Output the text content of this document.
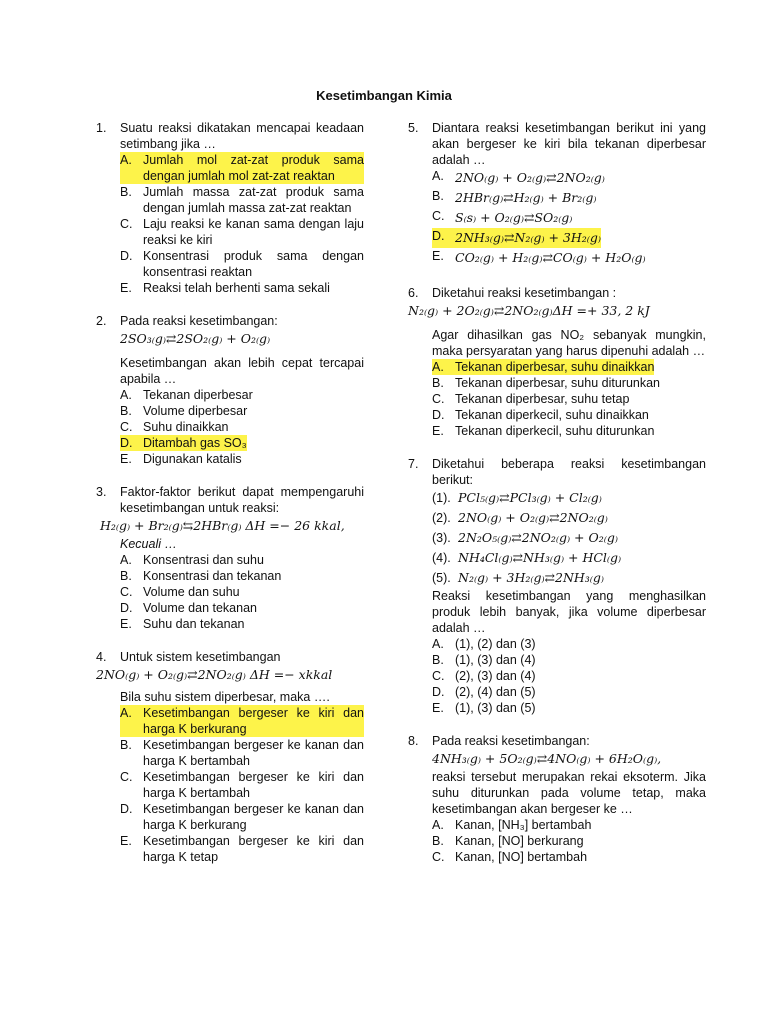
Kesetimbangan Kimia
1.	Suatu reaksi dikatakan mencapai keadaan setimbang jika …
A. Jumlah mol zat-zat produk sama dengan jumlah mol zat-zat reaktan
B. Jumlah massa zat-zat produk sama dengan jumlah massa zat-zat reaktan
C. Laju reaksi ke kanan sama dengan laju reaksi ke kiri
D. Konsentrasi produk sama dengan konsentrasi reaktan
E. Reaksi telah berhenti sama sekali
2.	Pada reaksi kesetimbangan:
2SO₃₍g₎⇄2SO₂₍g₎ + O₂₍g₎
Kesetimbangan akan lebih cepat tercapai apabila …
A. Tekanan diperbesar
B. Volume diperbesar
C. Suhu dinaikkan
D. Ditambah gas SO₃
E. Digunakan katalis
3.	Faktor-faktor berikut dapat mempengaruhi kesetimbangan untuk reaksi:
H₂₍g₎ + Br₂₍g₎⇆2HBr₍g₎ ΔH =− 26 kkal,
Kecuali …
A. Konsentrasi dan suhu
B. Konsentrasi dan tekanan
C. Volume dan suhu
D. Volume dan tekanan
E. Suhu dan tekanan
4.	Untuk sistem kesetimbangan
2NO₍g₎ + O₂₍g₎⇄2NO₂₍g₎ ΔH =− xkkal
Bila suhu sistem diperbesar, maka ….
A. Kesetimbangan bergeser ke kiri dan harga K berkurang
B. Kesetimbangan bergeser ke kanan dan harga K bertambah
C. Kesetimbangan bergeser ke kiri dan harga K bertambah
D. Kesetimbangan bergeser ke kanan dan harga K berkurang
E. Kesetimbangan bergeser ke kiri dan harga K tetap
5.	Diantara reaksi kesetimbangan berikut ini yang akan bergeser ke kiri bila tekanan diperbesar adalah …
A. 2NO₍g₎ + O₂₍g₎⇄2NO₂₍g₎
B. 2HBr₍g₎⇄H₂₍g₎ + Br₂₍g₎
C. S₍s₎ + O₂₍g₎⇄SO₂₍g₎
D. 2NH₃₍g₎⇄N₂₍g₎ + 3H₂₍g₎
E. CO₂₍g₎ + H₂₍g₎⇄CO₍g₎ + H₂O₍g₎
6.	Diketahui reaksi kesetimbangan :
N₂₍g₎ + 2O₂₍g₎⇄2NO₂₍g₎ΔH =+ 33, 2 kJ
Agar dihasilkan gas NO₂ sebanyak mungkin, maka persyaratan yang harus dipenuhi adalah …
A. Tekanan diperbesar, suhu dinaikkan
B. Tekanan diperbesar, suhu diturunkan
C. Tekanan diperbesar, suhu tetap
D. Tekanan diperkecil, suhu dinaikkan
E. Tekanan diperkecil, suhu diturunkan
7.	Diketahui beberapa reaksi kesetimbangan berikut:
(1). PCl₅₍g₎⇄PCl₃₍g₎ + Cl₂₍g₎
(2). 2NO₍g₎ + O₂₍g₎⇄2NO₂₍g₎
(3). 2N₂O₅₍g₎⇄2NO₂₍g₎ + O₂₍g₎
(4). NH₄Cl₍g₎⇄NH₃₍g₎ + HCl₍g₎
(5). N₂₍g₎ + 3H₂₍g₎⇄2NH₃₍g₎
Reaksi kesetimbangan yang menghasilkan produk lebih banyak, jika volume diperbesar adalah …
A. (1), (2) dan (3)
B. (1), (3) dan (4)
C. (2), (3) dan (4)
D. (2), (4) dan (5)
E. (1), (3) dan (5)
8.	Pada reaksi kesetimbangan:
4NH₃₍g₎ + 5O₂₍g₎⇄4NO₍g₎ + 6H₂O₍g₎,
reaksi tersebut merupakan rekai eksoterm. Jika suhu diturunkan pada volume tetap, maka kesetimbangan akan bergeser ke …
A. Kanan, [NH₃] bertambah
B. Kanan, [NO] berkurang
C. Kanan, [NO] bertambah
